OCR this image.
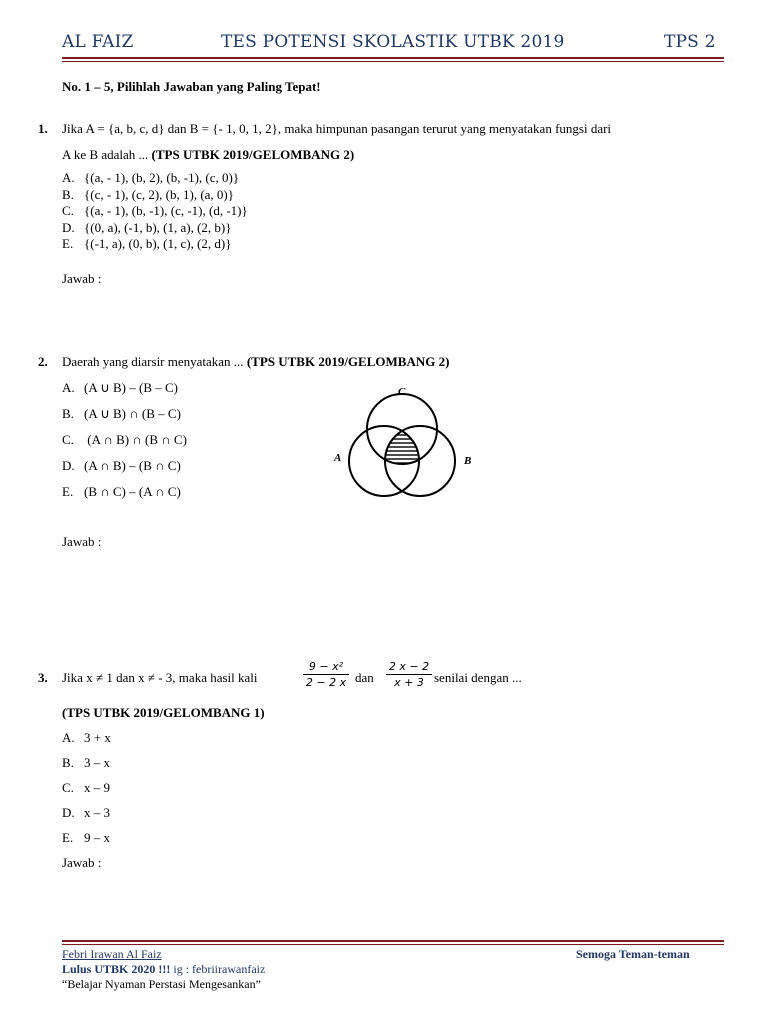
AL FAIZ	TES POTENSI SKOLASTIK UTBK 2019	TPS 2
No. 1 – 5, Pilihlah Jawaban yang Paling Tepat!
1. Jika A = {a, b, c, d} dan B = {- 1, 0, 1, 2}, maka himpunan pasangan terurut yang menyatakan fungsi dari
A ke B adalah ... (TPS UTBK 2019/GELOMBANG 2)
A. {(a, - 1), (b, 2), (b, -1), (c, 0)}
B. {(c, - 1), (c, 2), (b, 1), (a, 0)}
C. {(a, - 1), (b, -1), (c, -1), (d, -1)}
D. {(0, a), (-1, b), (1, a), (2, b)}
E. {(-1, a), (0, b), (1, c), (2, d)}
Jawab :
2. Daerah yang diarsir menyatakan ... (TPS UTBK 2019/GELOMBANG 2)
A. (A ∪ B) – (B – C)
B. (A ∪ B) ∩ (B – C)
C. (A ∩ B) ∩ (B ∩ C)
D. (A ∩ B) – (B ∩ C)
E. (B ∩ C) – (A ∩ C)
C
A	B
Jawab :
3. Jika x ≠ 1 dan x ≠ - 3, maka hasil kali	$\frac{\text{9 − x²}}{2 - 2 x}$ dan $\frac{2 x - 2}{x + 3}$ senilai dengan ...
(TPS UTBK 2019/GELOMBANG 1)
A. 3 + x
B. 3 – x
C. x – 9
D. x – 3
E. 9 – x
Jawab :
Febri Irawan Al Faiz	Semoga Teman-teman
Lulus UTBK 2020 !!! ig : febriirawanfaiz
“Belajar Nyaman Perstasi Mengesankan”
